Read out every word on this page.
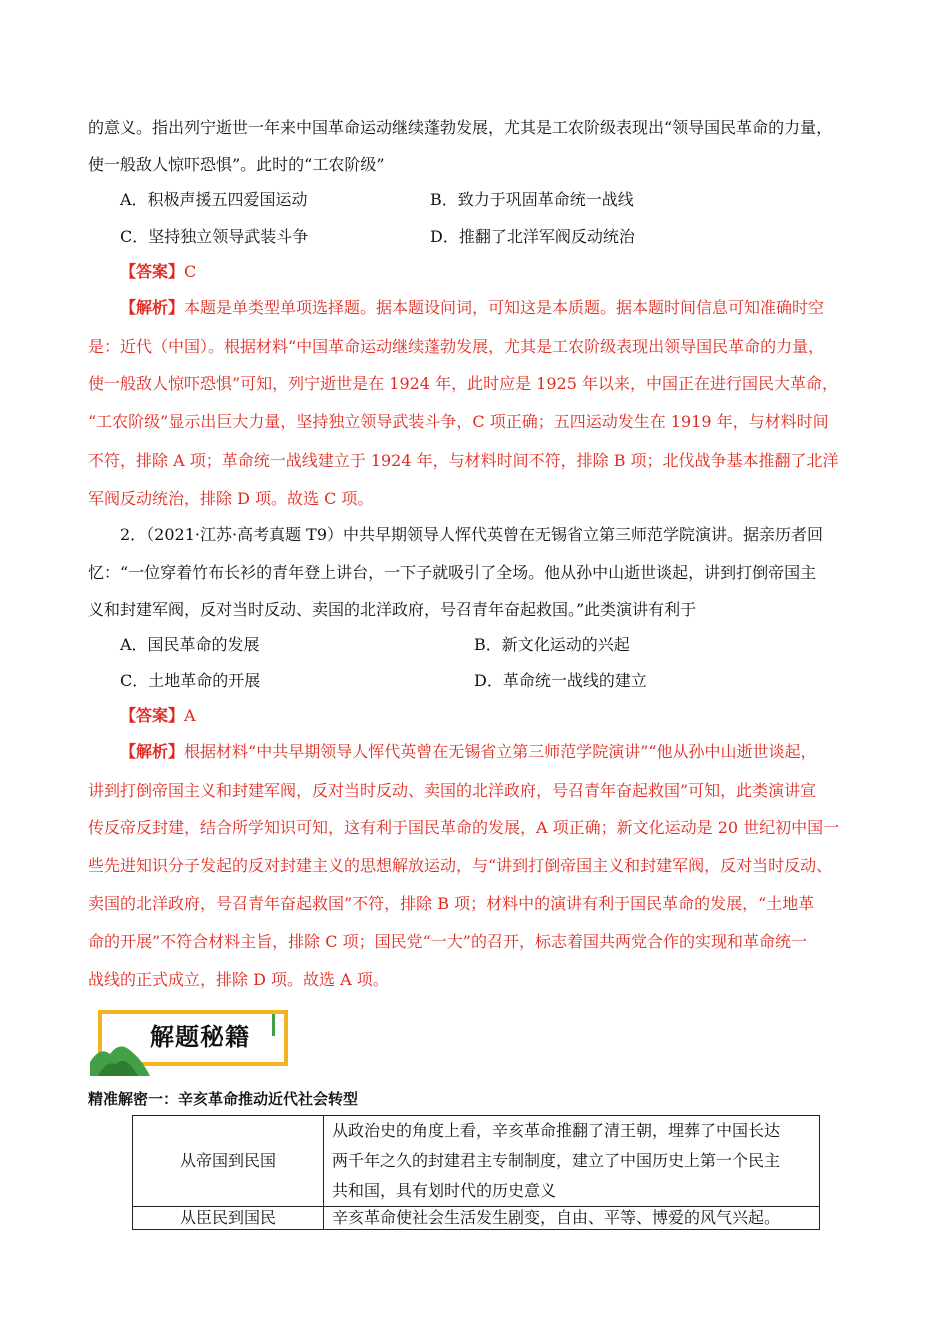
的意义。指出列宁逝世一年来中国革命运动继续蓬勃发展，尤其是工农阶级表现出“领导国民革命的力量，
使一般敌人惊吓恐惧”。此时的“工农阶级”
A．积极声援五四爱国运动	B．致力于巩固革命统一战线
C．坚持独立领导武装斗争	D．推翻了北洋军阀反动统治
【答案】C
【解析】本题是单类型单项选择题。据本题设问词，可知这是本质题。据本题时间信息可知准确时空
是：近代（中国）。根据材料“中国革命运动继续蓬勃发展，尤其是工农阶级表现出领导国民革命的力量，
使一般敌人惊吓恐惧”可知，列宁逝世是在 1924 年，此时应是 1925 年以来，中国正在进行国民大革命，
“工农阶级”显示出巨大力量，坚持独立领导武装斗争，C 项正确；五四运动发生在 1919 年，与材料时间
不符，排除 A 项；革命统一战线建立于 1924 年，与材料时间不符，排除 B 项；北伐战争基本推翻了北洋
军阀反动统治，排除 D 项。故选 C 项。
2．（2021·江苏·高考真题 T9）中共早期领导人恽代英曾在无锡省立第三师范学院演讲。据亲历者回
忆：“一位穿着竹布长衫的青年登上讲台，一下子就吸引了全场。他从孙中山逝世谈起，讲到打倒帝国主
义和封建军阀，反对当时反动、卖国的北洋政府，号召青年奋起救国。”此类演讲有利于
A．国民革命的发展	B．新文化运动的兴起
C．土地革命的开展	D．革命统一战线的建立
【答案】A
【解析】根据材料“中共早期领导人恽代英曾在无锡省立第三师范学院演讲”“他从孙中山逝世谈起，
讲到打倒帝国主义和封建军阀，反对当时反动、卖国的北洋政府，号召青年奋起救国”可知，此类演讲宣
传反帝反封建，结合所学知识可知，这有利于国民革命的发展，A 项正确；新文化运动是 20 世纪初中国一
些先进知识分子发起的反对封建主义的思想解放运动，与“讲到打倒帝国主义和封建军阀，反对当时反动、
卖国的北洋政府，号召青年奋起救国”不符，排除 B 项；材料中的演讲有利于国民革命的发展，“土地革
命的开展”不符合材料主旨，排除 C 项；国民党“一大”的召开，标志着国共两党合作的实现和革命统一
战线的正式成立，排除 D 项。故选 A 项。
解题秘籍
精准解密一：辛亥革命推动近代社会转型
从帝国到民国	从政治史的角度上看，辛亥革命推翻了清王朝，埋葬了中国长达
两千年之久的封建君主专制制度，建立了中国历史上第一个民主
共和国，具有划时代的历史意义

从臣民到国民	辛亥革命使社会生活发生剧变，自由、平等、博爱的风气兴起。
